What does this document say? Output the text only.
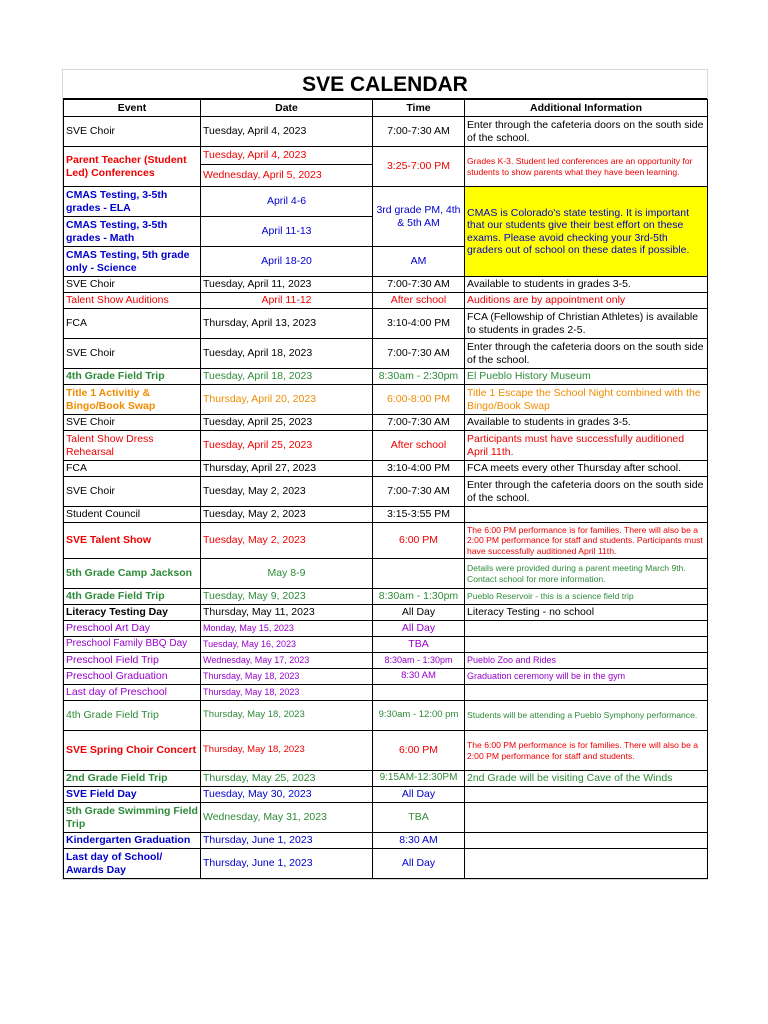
SVE CALENDAR
Event	Date	Time	Additional Information
SVE Choir	Tuesday, April 4, 2023	7:00-7:30 AM	Enter through the cafeteria doors on the south side of the school.
Parent Teacher (Student Led) Conferences	Tuesday, April 4, 2023	3:25-7:00 PM	Grades K-3. Student led conferences are an opportunity for students to show parents what they have been learning.
	Wednesday, April 5, 2023		
CMAS Testing, 3-5th grades - ELA	April 4-6	3rd grade PM, 4th & 5th AM	CMAS is Colorado's state testing. It is important that our students give their best effort on these exams. Please avoid checking your 3rd-5th graders out of school on these dates if possible.
CMAS Testing, 3-5th grades - Math	April 11-13		
CMAS Testing, 5th grade only - Science	April 18-20	AM	
SVE Choir	Tuesday, April 11, 2023	7:00-7:30 AM	Available to students in grades 3-5.
Talent Show Auditions	April 11-12	After school	Auditions are by appointment only
FCA	Thursday, April 13, 2023	3:10-4:00 PM	FCA (Fellowship of Christian Athletes) is available to students in grades 2-5.
SVE Choir	Tuesday, April 18, 2023	7:00-7:30 AM	Enter through the cafeteria doors on the south side of the school.
4th Grade Field Trip	Tuesday, April 18, 2023	8:30am - 2:30pm	El Pueblo History Museum
Title 1 Activitiy & Bingo/Book Swap	Thursday, April 20, 2023	6:00-8:00 PM	Title 1 Escape the School Night combined with the Bingo/Book Swap
SVE Choir	Tuesday, April 25, 2023	7:00-7:30 AM	Available to students in grades 3-5.
Talent Show Dress Rehearsal	Tuesday, April 25, 2023	After school	Participants must have successfully auditioned April 11th.
FCA	Thursday, April 27, 2023	3:10-4:00 PM	FCA meets every other Thursday after school.
SVE Choir	Tuesday, May 2, 2023	7:00-7:30 AM	Enter through the cafeteria doors on the south side of the school.
Student Council	Tuesday, May 2, 2023	3:15-3:55 PM	
SVE Talent Show	Tuesday, May 2, 2023	6:00 PM	The 6:00 PM performance is for families. There will also be a 2:00 PM performance for staff and students. Participants must have successfully auditioned April 11th.
5th Grade Camp Jackson	May 8-9		Details were provided during a parent meeting March 9th. Contact school for more information.
4th Grade Field Trip	Tuesday, May 9, 2023	8:30am - 1:30pm	Pueblo Reservoir - this is a science field trip
Literacy Testing Day	Thursday, May 11, 2023	All Day	Literacy Testing - no school
Preschool Art Day	Monday, May 15, 2023	All Day	
Preschool Family BBQ Day	Tuesday, May 16, 2023	TBA	
Preschool Field Trip	Wednesday, May 17, 2023	8:30am - 1:30pm	Pueblo Zoo and Rides
Preschool Graduation	Thursday, May 18, 2023	8:30 AM	Graduation ceremony will be in the gym
Last day of Preschool	Thursday, May 18, 2023		
4th Grade Field Trip	Thursday, May 18, 2023	9:30am - 12:00 pm	Students will be attending a Pueblo Symphony performance.
SVE Spring Choir Concert	Thursday, May 18, 2023	6:00 PM	The 6:00 PM performance is for families. There will also be a 2:00 PM performance for staff and students.
2nd Grade Field Trip	Thursday, May 25, 2023	9:15AM-12:30PM	2nd Grade will be visiting Cave of the Winds
SVE Field Day	Tuesday, May 30, 2023	All Day	
5th Grade Swimming Field Trip	Wednesday, May 31, 2023	TBA	
Kindergarten Graduation	Thursday, June 1, 2023	8:30 AM	
Last day of School/ Awards Day	Thursday, June 1, 2023	All Day	
